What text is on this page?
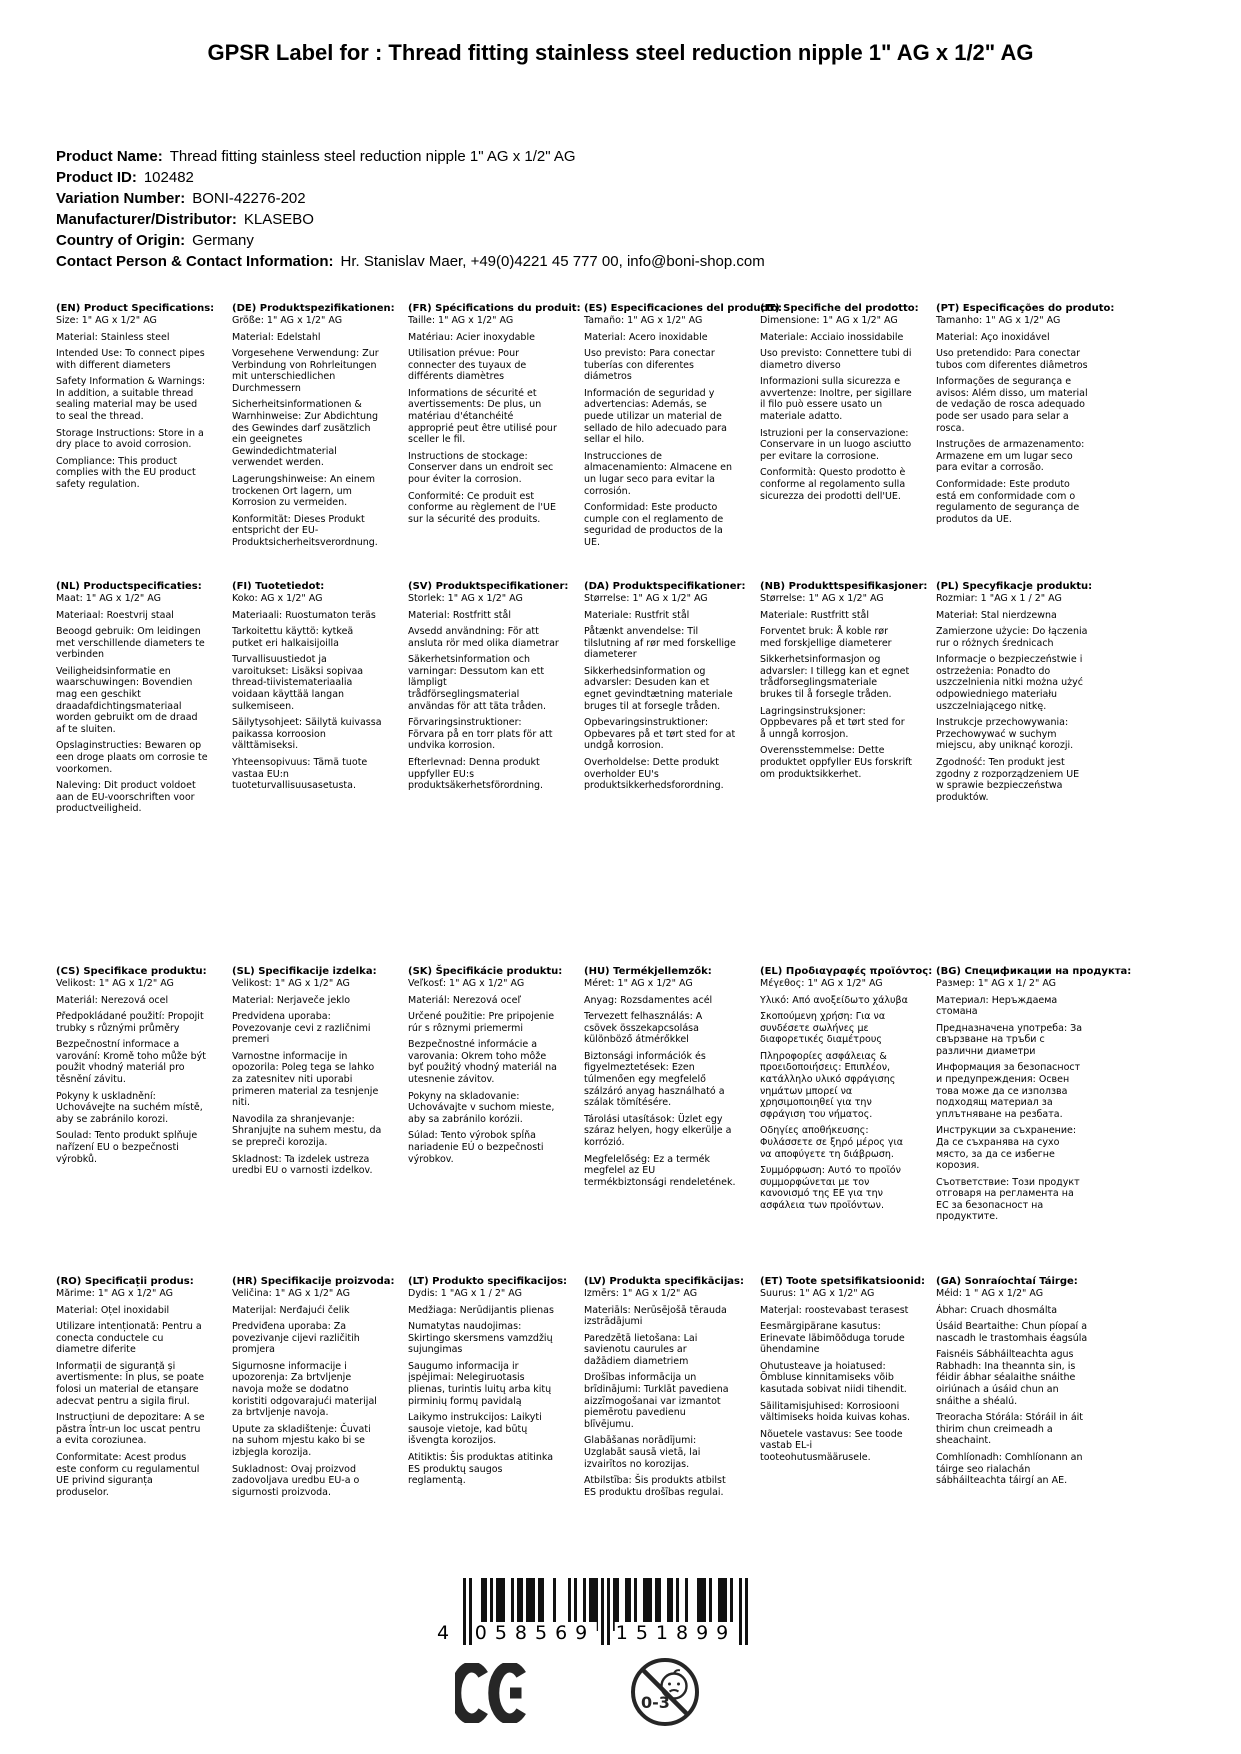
GPSR Label for : Thread fitting stainless steel reduction nipple 1" AG x 1/2" AG
Product Name: Thread fitting stainless steel reduction nipple 1" AG x 1/2" AG
Product ID: 102482
Variation Number: BONI-42276-202
Manufacturer/Distributor: KLASEBO
Country of Origin: Germany
Contact Person & Contact Information: Hr. Stanislav Maer, +49(0)4221 45 777 00, info@boni-shop.com
(EN) Product Specifications:

Size: 1" AG x 1/2" AG

Material: Stainless steel

Intended Use: To connect pipes with different diameters

Safety Information & Warnings: In addition, a suitable thread sealing material may be used to seal the thread.

Storage Instructions: Store in a dry place to avoid corrosion.

Compliance: This product complies with the EU product safety regulation.

(DE) Produktspezifikationen:

Größe: 1" AG x 1/2" AG

Material: Edelstahl

Vorgesehene Verwendung: Zur Verbindung von Rohrleitungen mit unterschiedlichen Durchmessern

Sicherheitsinformationen & Warnhinweise: Zur Abdichtung des Gewindes darf zusätzlich ein geeignetes Gewindedichtmaterial verwendet werden.

Lagerungshinweise: An einem trockenen Ort lagern, um Korrosion zu vermeiden.

Konformität: Dieses Produkt entspricht der EU-Produktsicherheitsverordnung.

(FR) Spécifications du produit:

Taille: 1" AG x 1/2" AG

Matériau: Acier inoxydable

Utilisation prévue: Pour connecter des tuyaux de différents diamètres

Informations de sécurité et avertissements: De plus, un matériau d'étanchéité approprié peut être utilisé pour sceller le fil.

Instructions de stockage: Conserver dans un endroit sec pour éviter la corrosion.

Conformité: Ce produit est conforme au règlement de l'UE sur la sécurité des produits.

(ES) Especificaciones del producto:

Tamaño: 1" AG x 1/2" AG

Material: Acero inoxidable

Uso previsto: Para conectar tuberías con diferentes diámetros

Información de seguridad y advertencias: Además, se puede utilizar un material de sellado de hilo adecuado para sellar el hilo.

Instrucciones de almacenamiento: Almacene en un lugar seco para evitar la corrosión.

Conformidad: Este producto cumple con el reglamento de seguridad de productos de la UE.

(IT) Specifiche del prodotto:

Dimensione: 1" AG x 1/2" AG

Materiale: Acciaio inossidabile

Uso previsto: Connettere tubi di diametro diverso

Informazioni sulla sicurezza e avvertenze: Inoltre, per sigillare il filo può essere usato un materiale adatto.

Istruzioni per la conservazione: Conservare in un luogo asciutto per evitare la corrosione.

Conformità: Questo prodotto è conforme al regolamento sulla sicurezza dei prodotti dell'UE.

(PT) Especificações do produto:

Tamanho: 1" AG x 1/2" AG

Material: Aço inoxidável

Uso pretendido: Para conectar tubos com diferentes diâmetros

Informações de segurança e avisos: Além disso, um material de vedação de rosca adequado pode ser usado para selar a rosca.

Instruções de armazenamento: Armazene em um lugar seco para evitar a corrosão.

Conformidade: Este produto está em conformidade com o regulamento de segurança de produtos da UE.

(NL) Productspecificaties:

Maat: 1" AG x 1/2" AG

Materiaal: Roestvrij staal

Beoogd gebruik: Om leidingen met verschillende diameters te verbinden

Veiligheidsinformatie en waarschuwingen: Bovendien mag een geschikt draadafdichtingsmateriaal worden gebruikt om de draad af te sluiten.

Opslaginstructies: Bewaren op een droge plaats om corrosie te voorkomen.

Naleving: Dit product voldoet aan de EU-voorschriften voor productveiligheid.

(FI) Tuotetiedot:

Koko: AG x 1/2" AG

Materiaali: Ruostumaton teräs

Tarkoitettu käyttö: kytkeä putket eri halkaisijoilla

Turvallisuustiedot ja varoitukset: Lisäksi sopivaa thread-tiivistemateriaalia voidaan käyttää langan sulkemiseen.

Säilytysohjeet: Säilytä kuivassa paikassa korroosion välttämiseksi.

Yhteensopivuus: Tämä tuote vastaa EU:n tuoteturvallisuusasetusta.

(SV) Produktspecifikationer:

Storlek: 1" AG x 1/2" AG

Material: Rostfritt stål

Avsedd användning: För att ansluta rör med olika diametrar

Säkerhetsinformation och varningar: Dessutom kan ett lämpligt trådförseglingsmaterial användas för att täta tråden.

Förvaringsinstruktioner: Förvara på en torr plats för att undvika korrosion.

Efterlevnad: Denna produkt uppfyller EU:s produktsäkerhetsförordning.

(DA) Produktspecifikationer:

Størrelse: 1" AG x 1/2" AG

Materiale: Rustfrit stål

Påtænkt anvendelse: Til tilslutning af rør med forskellige diameterer

Sikkerhedsinformation og advarsler: Desuden kan et egnet gevindtætning materiale bruges til at forsegle tråden.

Opbevaringsinstruktioner: Opbevares på et tørt sted for at undgå korrosion.

Overholdelse: Dette produkt overholder EU's produktsikkerhedsforordning.

(NB) Produkttspesifikasjoner:

Størrelse: 1" AG x 1/2" AG

Materiale: Rustfritt stål

Forventet bruk: Å koble rør med forskjellige diameterer

Sikkerhetsinformasjon og advarsler: I tillegg kan et egnet trådforseglingsmateriale brukes til å forsegle tråden.

Lagringsinstruksjoner: Oppbevares på et tørt sted for å unngå korrosjon.

Overensstemmelse: Dette produktet oppfyller EUs forskrift om produktsikkerhet.

(PL) Specyfikacje produktu:

Rozmiar: 1 "AG x 1 / 2" AG

Materiał: Stal nierdzewna

Zamierzone użycie: Do łączenia rur o różnych średnicach

Informacje o bezpieczeństwie i ostrzeżenia: Ponadto do uszczelnienia nitki można użyć odpowiedniego materiału uszczelniającego nitkę.

Instrukcje przechowywania: Przechowywać w suchym miejscu, aby uniknąć korozji.

Zgodność: Ten produkt jest zgodny z rozporządzeniem UE w sprawie bezpieczeństwa produktów.

(CS) Specifikace produktu:

Velikost: 1" AG x 1/2" AG

Materiál: Nerezová ocel

Předpokládané použití: Propojit trubky s různými průměry

Bezpečnostní informace a varování: Kromě toho může být použit vhodný materiál pro těsnění závitu.

Pokyny k uskladnění: Uchovávejte na suchém místě, aby se zabránilo korozi.

Soulad: Tento produkt splňuje nařízení EU o bezpečnosti výrobků.

(SL) Specifikacije izdelka:

Velikost: 1" AG x 1/2" AG

Material: Nerjaveče jeklo

Predvidena uporaba: Povezovanje cevi z različnimi premeri

Varnostne informacije in opozorila: Poleg tega se lahko za zatesnitev niti uporabi primeren material za tesnjenje niti.

Navodila za shranjevanje: Shranjujte na suhem mestu, da se prepreči korozija.

Skladnost: Ta izdelek ustreza uredbi EU o varnosti izdelkov.

(SK) Špecifikácie produktu:

Veľkosť: 1" AG x 1/2" AG

Materiál: Nerezová oceľ

Určené použitie: Pre pripojenie rúr s rôznymi priemermi

Bezpečnostné informácie a varovania: Okrem toho môže byť použitý vhodný materiál na utesnenie závitov.

Pokyny na skladovanie: Uchovávajte v suchom mieste, aby sa zabránilo korózii.

Súlad: Tento výrobok spĺňa nariadenie EÚ o bezpečnosti výrobkov.

(HU) Termékjellemzők:

Méret: 1" AG x 1/2" AG

Anyag: Rozsdamentes acél

Tervezett felhasználás: A csövek összekapcsolása különböző átmérőkkel

Biztonsági információk és figyelmeztetések: Ezen túlmenően egy megfelelő szálzáró anyag használható a szálak tömítésére.

Tárolási utasítások: Üzlet egy száraz helyen, hogy elkerülje a korrózió.

Megfelelőség: Ez a termék megfelel az EU termékbiztonsági rendeletének.

(EL) Προδιαγραφές προϊόντος:

Μέγεθος: 1" AG x 1/2" AG

Υλικό: Από ανοξείδωτο χάλυβα

Σκοπούμενη χρήση: Για να συνδέσετε σωλήνες με διαφορετικές διαμέτρους

Πληροφορίες ασφάλειας & προειδοποιήσεις: Επιπλέον, κατάλληλο υλικό σφράγισης νημάτων μπορεί να χρησιμοποιηθεί για την σφράγιση του νήματος.

Οδηγίες αποθήκευσης: Φυλάσσετε σε ξηρό μέρος για να αποφύγετε τη διάβρωση.

Συμμόρφωση: Αυτό το προϊόν συμμορφώνεται με τον κανονισμό της ΕΕ για την ασφάλεια των προϊόντων.

(BG) Спецификации на продукта:

Размер: 1" AG x 1/ 2" AG

Материал: Неръждаема стомана

Предназначена употреба: За свързване на тръби с различни диаметри

Информация за безопасност и предупреждения: Освен това може да се използва подходящ материал за уплътняване на резбата.

Инструкции за съхранение: Да се съхранява на сухо място, за да се избегне корозия.

Съответствие: Този продукт отговаря на регламента на ЕС за безопасност на продуктите.

(RO) Specificații produs:

Mărime: 1" AG x 1/2" AG

Material: Oțel inoxidabil

Utilizare intenționată: Pentru a conecta conductele cu diametre diferite

Informații de siguranță și avertismente: În plus, se poate folosi un material de etanșare adecvat pentru a sigila firul.

Instrucțiuni de depozitare: A se păstra într-un loc uscat pentru a evita coroziunea.

Conformitate: Acest produs este conform cu regulamentul UE privind siguranța produselor.

(HR) Specifikacije proizvoda:

Veličina: 1" AG x 1/2" AG

Materijal: Nerđajući čelik

Predviđena uporaba: Za povezivanje cijevi različitih promjera

Sigurnosne informacije i upozorenja: Za brtvljenje navoja može se dodatno koristiti odgovarajući materijal za brtvljenje navoja.

Upute za skladištenje: Čuvati na suhom mjestu kako bi se izbjegla korozija.

Sukladnost: Ovaj proizvod zadovoljava uredbu EU-a o sigurnosti proizvoda.

(LT) Produkto specifikacijos:

Dydis: 1 "AG x 1 / 2" AG

Medžiaga: Nerūdijantis plienas

Numatytas naudojimas: Skirtingo skersmens vamzdžių sujungimas

Saugumo informacija ir įspėjimai: Nelegiruotasis plienas, turintis luitų arba kitų pirminių formų pavidalą

Laikymo instrukcijos: Laikyti sausoje vietoje, kad būtų išvengta korozijos.

Atitiktis: Šis produktas atitinka ES produktų saugos reglamentą.

(LV) Produkta specifikācijas:

Izmērs: 1" AG x 1/2" AG

Materiāls: Nerūsējošā tērauda izstrādājumi

Paredzētā lietošana: Lai savienotu caurules ar dažādiem diametriem

Drošības informācija un brīdinājumi: Turklāt pavediena aizzīmogošanai var izmantot piemērotu pavedienu blīvējumu.

Glabāšanas norādījumi: Uzglabāt sausā vietā, lai izvairītos no korozijas.

Atbilstība: Šis produkts atbilst ES produktu drošības regulai.

(ET) Toote spetsifikatsioonid:

Suurus: 1" AG x 1/2" AG

Materjal: roostevabast terasest

Eesmärgipärane kasutus: Erinevate läbimõõduga torude ühendamine

Ohutusteave ja hoiatused: Õmbluse kinnitamiseks võib kasutada sobivat niidi tihendit.

Säilitamisjuhised: Korrosiooni vältimiseks hoida kuivas kohas.

Nõuetele vastavus: See toode vastab EL-i tooteohutusmäärusele.

(GA) Sonraíochtaí Táirge:

Méid: 1 " AG x 1/2" AG

Ábhar: Cruach dhosmálta

Úsáid Beartaithe: Chun píopaí a nascadh le trastomhais éagsúla

Faisnéis Sábháilteachta agus Rabhadh: Ina theannta sin, is féidir ábhar séalaithe snáithe oiriúnach a úsáid chun an snáithe a shéalú.

Treoracha Stórála: Stóráil in áit thirim chun creimeadh a sheachaint.

Comhlíonadh: Comhlíonann an táirge seo rialachán sábháilteachta táirgí an AE.

4 058569 151899
0-3
